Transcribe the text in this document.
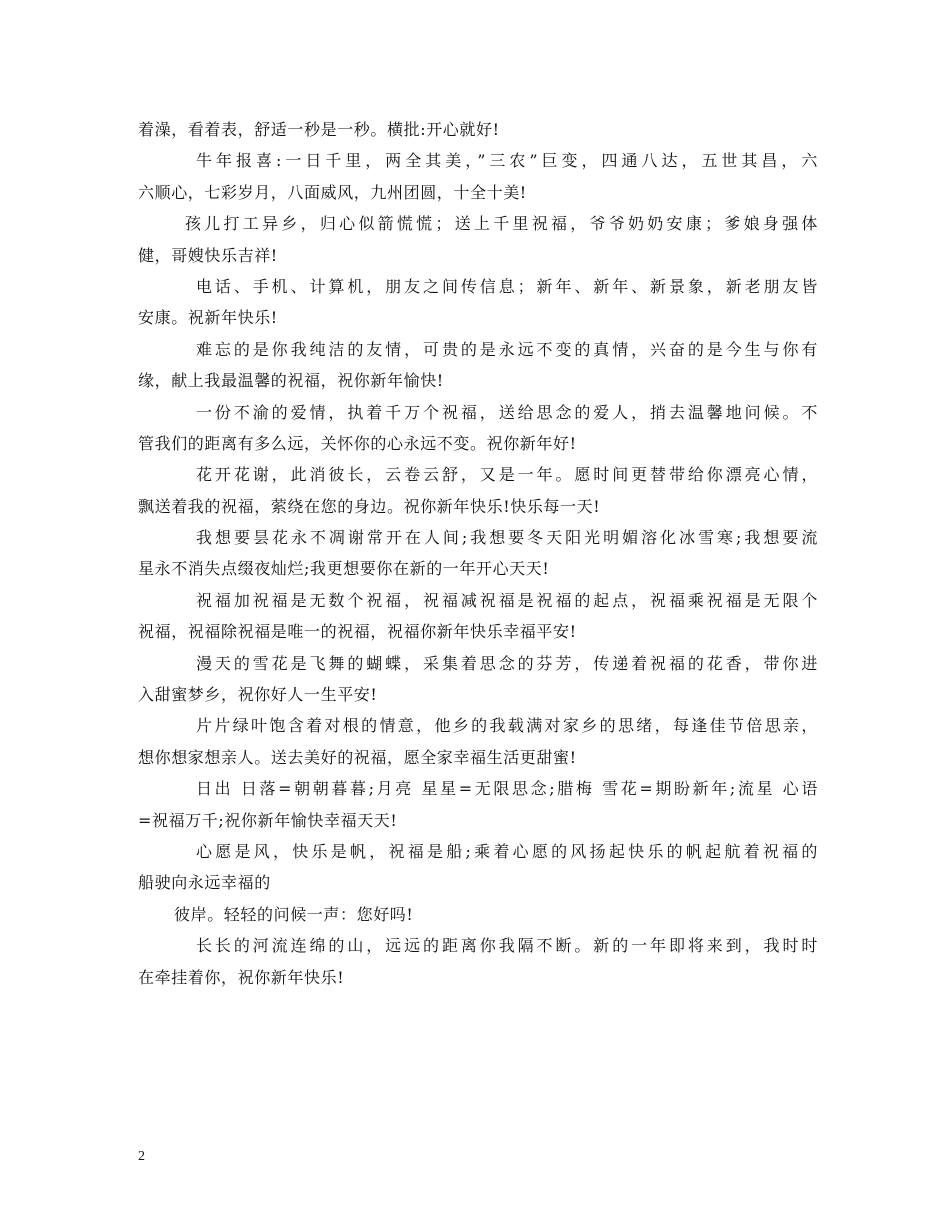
着澡，看着表，舒适一秒是一秒。横批:开心就好!
牛年报喜:一日千里，两全其美，”三农”巨变，四通八达，五世其昌，六
六顺心，七彩岁月，八面威风，九州团圆，十全十美!
孩儿打工异乡，归心似箭慌慌；送上千里祝福，爷爷奶奶安康；爹娘身强体
健，哥嫂快乐吉祥!
电话、手机、计算机，朋友之间传信息；新年、新年、新景象，新老朋友皆
安康。祝新年快乐!
难忘的是你我纯洁的友情，可贵的是永远不变的真情，兴奋的是今生与你有
缘，献上我最温馨的祝福，祝你新年愉快!
一份不渝的爱情，执着千万个祝福，送给思念的爱人，捎去温馨地问候。不
管我们的距离有多么远，关怀你的心永远不变。祝你新年好!
花开花谢，此消彼长，云卷云舒，又是一年。愿时间更替带给你漂亮心情，
飘送着我的祝福，萦绕在您的身边。祝你新年快乐!快乐每一天!
我想要昙花永不凋谢常开在人间;我想要冬天阳光明媚溶化冰雪寒;我想要流
星永不消失点缀夜灿烂;我更想要你在新的一年开心天天!
祝福加祝福是无数个祝福，祝福减祝福是祝福的起点，祝福乘祝福是无限个
祝福，祝福除祝福是唯一的祝福，祝福你新年快乐幸福平安!
漫天的雪花是飞舞的蝴蝶，采集着思念的芬芳，传递着祝福的花香，带你进
入甜蜜梦乡，祝你好人一生平安!
片片绿叶饱含着对根的情意，他乡的我载满对家乡的思绪，每逢佳节倍思亲，
想你想家想亲人。送去美好的祝福，愿全家幸福生活更甜蜜!
日出 日落=朝朝暮暮;月亮 星星=无限思念;腊梅 雪花=期盼新年;流星 心语
=祝福万千;祝你新年愉快幸福天天!
心愿是风，快乐是帆，祝福是船;乘着心愿的风扬起快乐的帆起航着祝福的
船驶向永远幸福的
彼岸。轻轻的问候一声：您好吗!
长长的河流连绵的山，远远的距离你我隔不断。新的一年即将来到，我时时
在牵挂着你，祝你新年快乐!
2
